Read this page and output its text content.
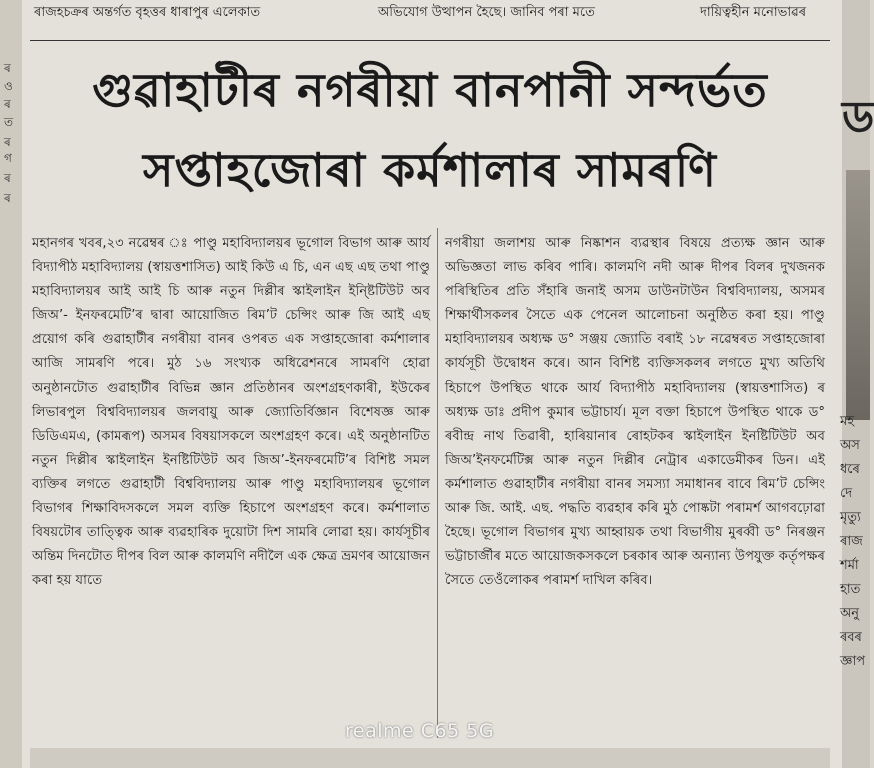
ৰ
ও
ৰ
ত
ৰ
গ
ৰ
ৰ
ৰাজহচক্ৰৰ অন্তৰ্গত বৃহত্তৰ ধাৰাপুৰ এলেকাত	অভিযোগ উত্থাপন হৈছে। জানিব পৰা মতে	দায়িত্বহীন মনোভাৱৰ
গুৱাহাটীৰ নগৰীয়া বানপানী সন্দৰ্ভত
সপ্তাহজোৰা কৰ্মশালাৰ সামৰণি

মহানগৰ খবৰ,২৩ নৱেম্বৰ ঃ পাণ্ডু মহাবিদ্যালয়ৰ ভূগোল বিভাগ আৰু আৰ্য বিদ্যাপীঠ মহাবিদ্যালয় (স্বায়ত্তশাসিত) আই কিউ এ চি, এন এছ এছ তথা পাণ্ডু মহাবিদ্যালয়ৰ আই আই চি আৰু নতুন দিল্লীৰ স্কাইলাইন ইন্ষ্টিটিউট অব জিঅ’- ইনফৰমেটি’ৰ দ্বাৰা আয়োজিত ৰিম’ট চেন্সিং আৰু জি আই এছ প্ৰয়োগ কৰি গুৱাহাটীৰ নগৰীয়া বানৰ ওপৰত এক সপ্তাহজোৰা কৰ্মশালাৰ আজি সামৰণি পৰে। মুঠ ১৬ সংখ্যক অধিৱেশনৰে সামৰণি হোৱা অনুষ্ঠানটোত গুৱাহাটীৰ বিভিন্ন জ্ঞান প্ৰতিষ্ঠানৰ অংশগ্ৰহণকাৰী, ইউকেৰ লিভাৰপুল বিশ্ববিদ্যালয়ৰ জলবায়ু আৰু জ্যোতিৰ্বিজ্ঞান বিশেষজ্ঞ আৰু ডিডিএমএ, (কামৰূপ) অসমৰ বিষয়াসকলে অংশগ্ৰহণ কৰে। এই অনুষ্ঠানটিত নতুন দিল্লীৰ স্কাইলাইন ইনষ্টিটিউট অব জিঅ’-ইনফৰমেটি’ৰ বিশিষ্ট সমল ব্যক্তিৰ লগতে গুৱাহাটী বিশ্ববিদ্যালয় আৰু পাণ্ডু মহাবিদ্যালয়ৰ ভূগোল বিভাগৰ শিক্ষাবিদসকলে সমল ব্যক্তি হিচাপে অংশগ্ৰহণ কৰে। কৰ্মশালাত বিষয়টোৰ তাত্ত্বিক আৰু ব্যৱহাৰিক দুয়োটা দিশ সামৰি লোৱা হয়। কাৰ্যসূচীৰ অন্তিম দিনটোত দীপৰ বিল আৰু কালমণি নদীলৈ এক ক্ষেত্ৰ ভ্ৰমণৰ আয়োজন কৰা হয় যাতে

নগৰীয়া জলাশয় আৰু নিষ্কাশন ব্যৱস্থাৰ বিষয়ে প্ৰত্যক্ষ জ্ঞান আৰু অভিজ্ঞতা লাভ কৰিব পাৰি। কালমণি নদী আৰু দীপৰ বিলৰ দুখজনক পৰিস্থিতিৰ প্ৰতি সঁহাৰি জনাই অসম ডাউনটাউন বিশ্ববিদ্যালয়, অসমৰ শিক্ষাৰ্থীসকলৰ সৈতে এক পেনেল আলোচনা অনুষ্ঠিত কৰা হয়। পাণ্ডু মহাবিদ্যালয়ৰ অধ্যক্ষ ড° সঞ্জয় জ্যোতি বৰাই ১৮ নৱেম্বৰত সপ্তাহজোৰা কাৰ্যসূচী উদ্বোধন কৰে। আন বিশিষ্ট ব্যক্তিসকলৰ লগতে মুখ্য অতিথি হিচাপে উপস্থিত থাকে আৰ্য বিদ্যাপীঠ মহাবিদ্যালয় (স্বায়ত্তশাসিত) ৰ অধ্যক্ষ ডাঃ প্ৰদীপ কুমাৰ ভট্টাচাৰ্য। মূল বক্তা হিচাপে উপস্থিত থাকে ড° ৰবীন্দ্ৰ নাথ তিৱাৰী, হাৰিয়ানাৰ ৰোহটকৰ স্কাইলাইন ইনষ্টিটিউট অব জিঅ’ইনফৰ্মেটিক্স আৰু নতুন দিল্লীৰ নেট্ৰাৰ একাডেমীকৰ ডিন। এই কৰ্মশালাত গুৱাহাটীৰ নগৰীয়া বানৰ সমস্যা সমাধানৰ বাবে ৰিম’ট চেন্সিং আৰু জি. আই. এছ. পদ্ধতি ব্যৱহাৰ কৰি মুঠ পোষ্কটা পৰামৰ্শ আগবঢ়োৱা হৈছে। ভূগোল বিভাগৰ মুখ্য আহ্বায়ক তথা বিভাগীয় মুৰব্বী ড° নিৰঞ্জন ভট্টাচাৰ্জীৰ মতে আয়োজকসকলে চৰকাৰ আৰু অন্যান্য উপযুক্ত কৰ্তৃপক্ষৰ সৈতে তেওঁলোকৰ পৰামৰ্শ দাখিল কৰিব।

ড
মহ
অস
ধৰে
দে
মৃত্যু
ৰাজ
শৰ্মা
হাত
অনু
ৰবৰ
জ্ঞাপ
realme C65 5G
